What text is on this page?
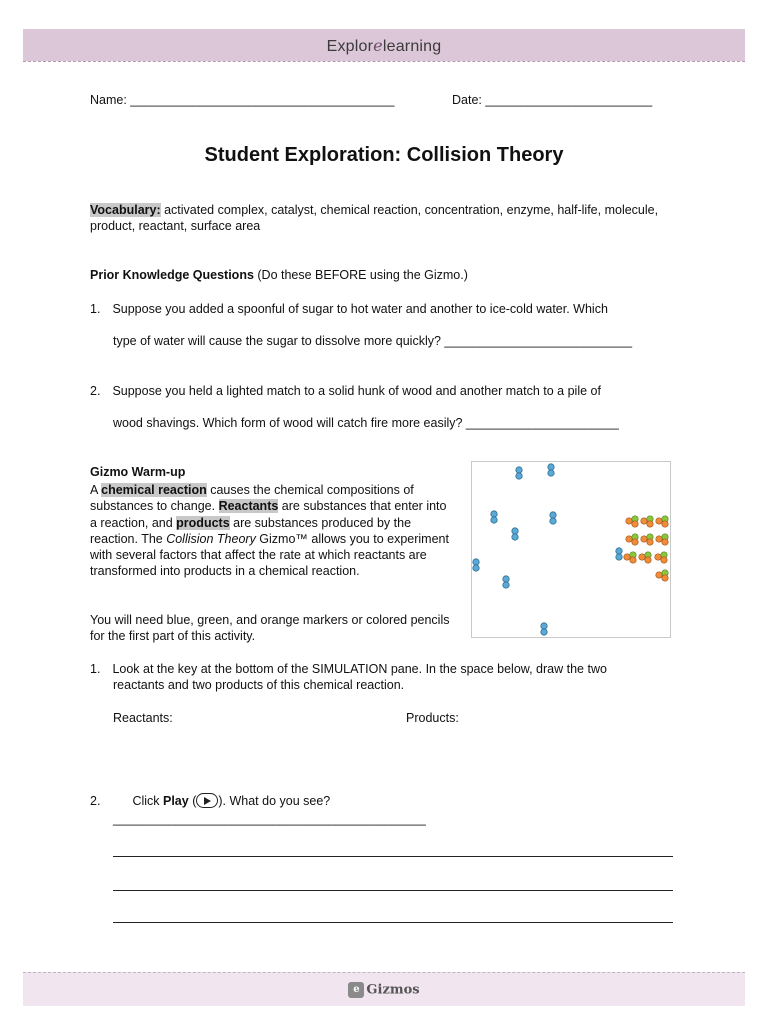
Explorelearning
Name: ______________________________________	Date: ________________________
Student Exploration: Collision Theory
Vocabulary: activated complex, catalyst, chemical reaction, concentration, enzyme, half-life, molecule, product, reactant, surface area
Prior Knowledge Questions (Do these BEFORE using the Gizmo.)
1. Suppose you added a spoonful of sugar to hot water and another to ice-cold water. Which
type of water will cause the sugar to dissolve more quickly? ___________________________
2. Suppose you held a lighted match to a solid hunk of wood and another match to a pile of
wood shavings. Which form of wood will catch fire more easily? ______________________
Gizmo Warm-up
A chemical reaction causes the chemical compositions of substances to change. Reactants are substances that enter into a reaction, and products are substances produced by the reaction. The Collision Theory Gizmo™ allows you to experiment with several factors that affect the rate at which reactants are transformed into products in a chemical reaction.
You will need blue, green, and orange markers or colored pencils for the first part of this activity.
1. Look at the key at the bottom of the SIMULATION pane. In the space below, draw the two
reactants and two products of this chemical reaction.
Reactants:	Products:
2.	Click Play ( ). What do you see?
_____________________________________________
e Gizmos
